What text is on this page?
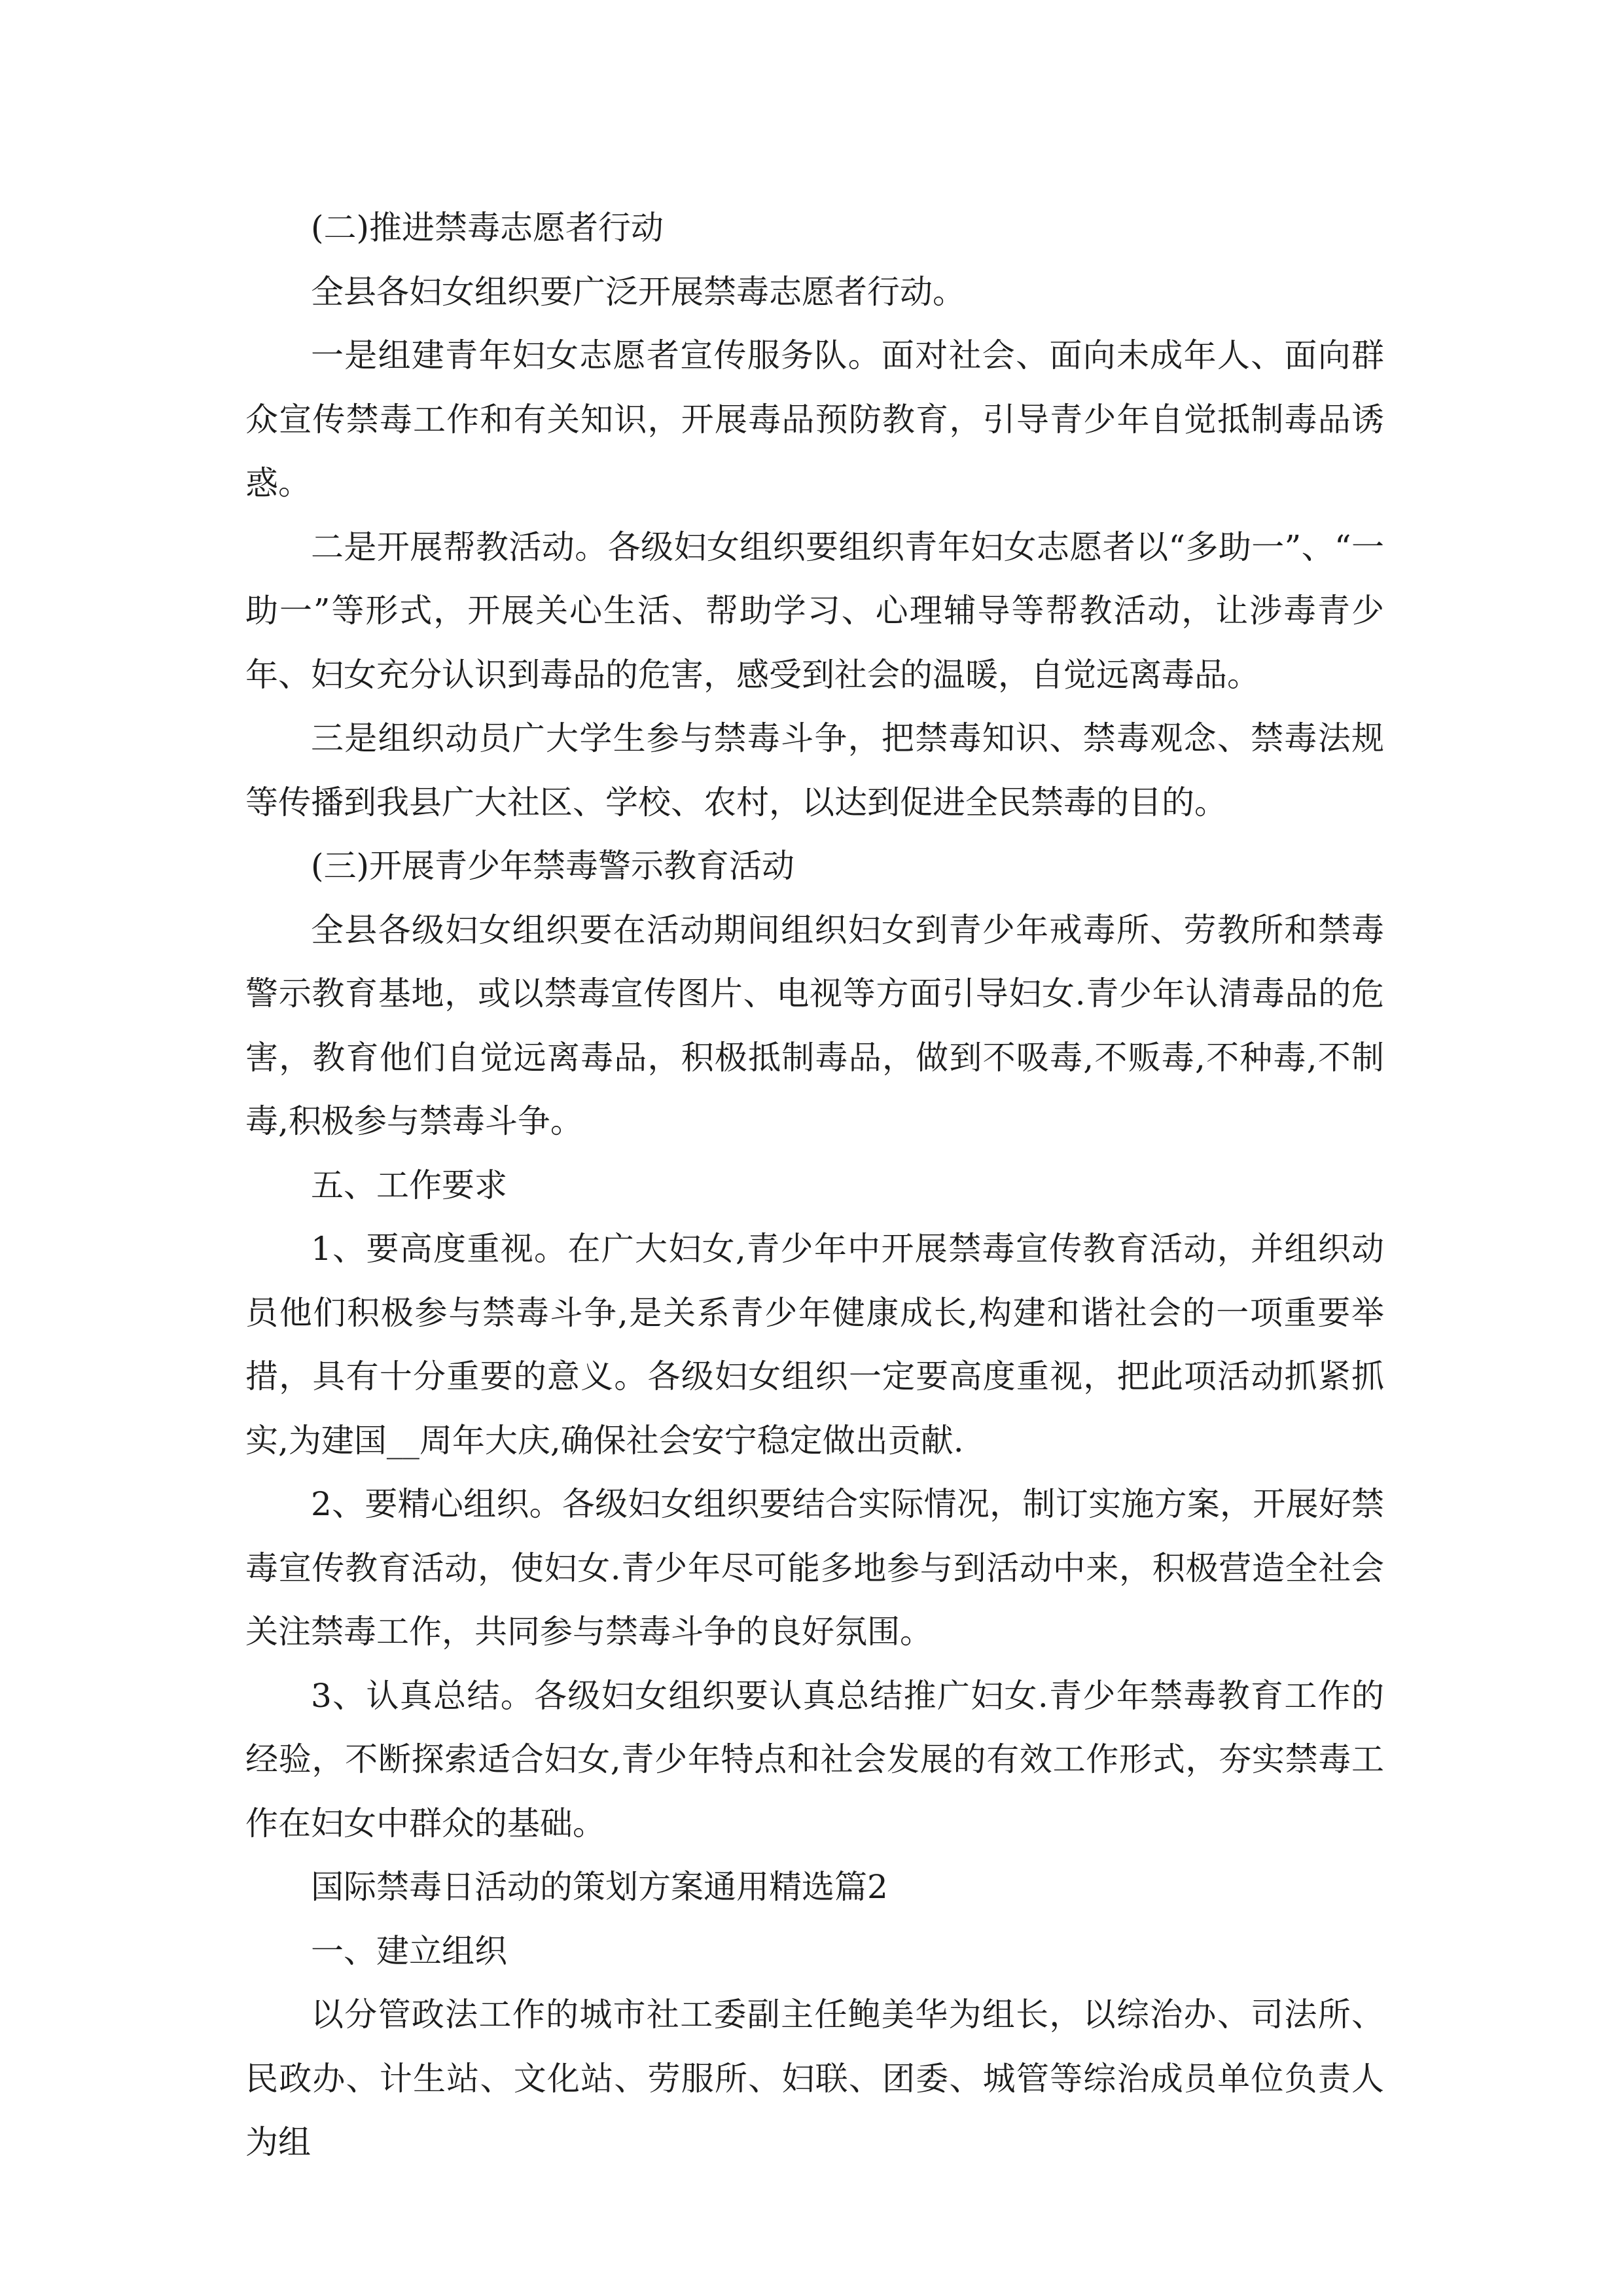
(二)推进禁毒志愿者行动

全县各妇女组织要广泛开展禁毒志愿者行动。

一是组建青年妇女志愿者宣传服务队。面对社会、面向未成年人、面向群众宣传禁毒工作和有关知识，开展毒品预防教育，引导青少年自觉抵制毒品诱惑。

二是开展帮教活动。各级妇女组织要组织青年妇女志愿者以“多助一”、“一助一”等形式，开展关心生活、帮助学习、心理辅导等帮教活动，让涉毒青少年、妇女充分认识到毒品的危害，感受到社会的温暖，自觉远离毒品。

三是组织动员广大学生参与禁毒斗争，把禁毒知识、禁毒观念、禁毒法规等传播到我县广大社区、学校、农村，以达到促进全民禁毒的目的。

(三)开展青少年禁毒警示教育活动

全县各级妇女组织要在活动期间组织妇女到青少年戒毒所、劳教所和禁毒警示教育基地，或以禁毒宣传图片、电视等方面引导妇女.青少年认清毒品的危害，教育他们自觉远离毒品，积极抵制毒品，做到不吸毒,不贩毒,不种毒,不制毒,积极参与禁毒斗争。

五、工作要求

1、要高度重视。在广大妇女,青少年中开展禁毒宣传教育活动，并组织动员他们积极参与禁毒斗争,是关系青少年健康成长,构建和谐社会的一项重要举措，具有十分重要的意义。各级妇女组织一定要高度重视，把此项活动抓紧抓实,为建国__周年大庆,确保社会安宁稳定做出贡献.

2、要精心组织。各级妇女组织要结合实际情况，制订实施方案，开展好禁毒宣传教育活动，使妇女.青少年尽可能多地参与到活动中来，积极营造全社会关注禁毒工作，共同参与禁毒斗争的良好氛围。

3、认真总结。各级妇女组织要认真总结推广妇女.青少年禁毒教育工作的经验，不断探索适合妇女,青少年特点和社会发展的有效工作形式，夯实禁毒工作在妇女中群众的基础。

国际禁毒日活动的策划方案通用精选篇2

一、建立组织

以分管政法工作的城市社工委副主任鲍美华为组长，以综治办、司法所、民政办、计生站、文化站、劳服所、妇联、团委、城管等综治成员单位负责人为组
